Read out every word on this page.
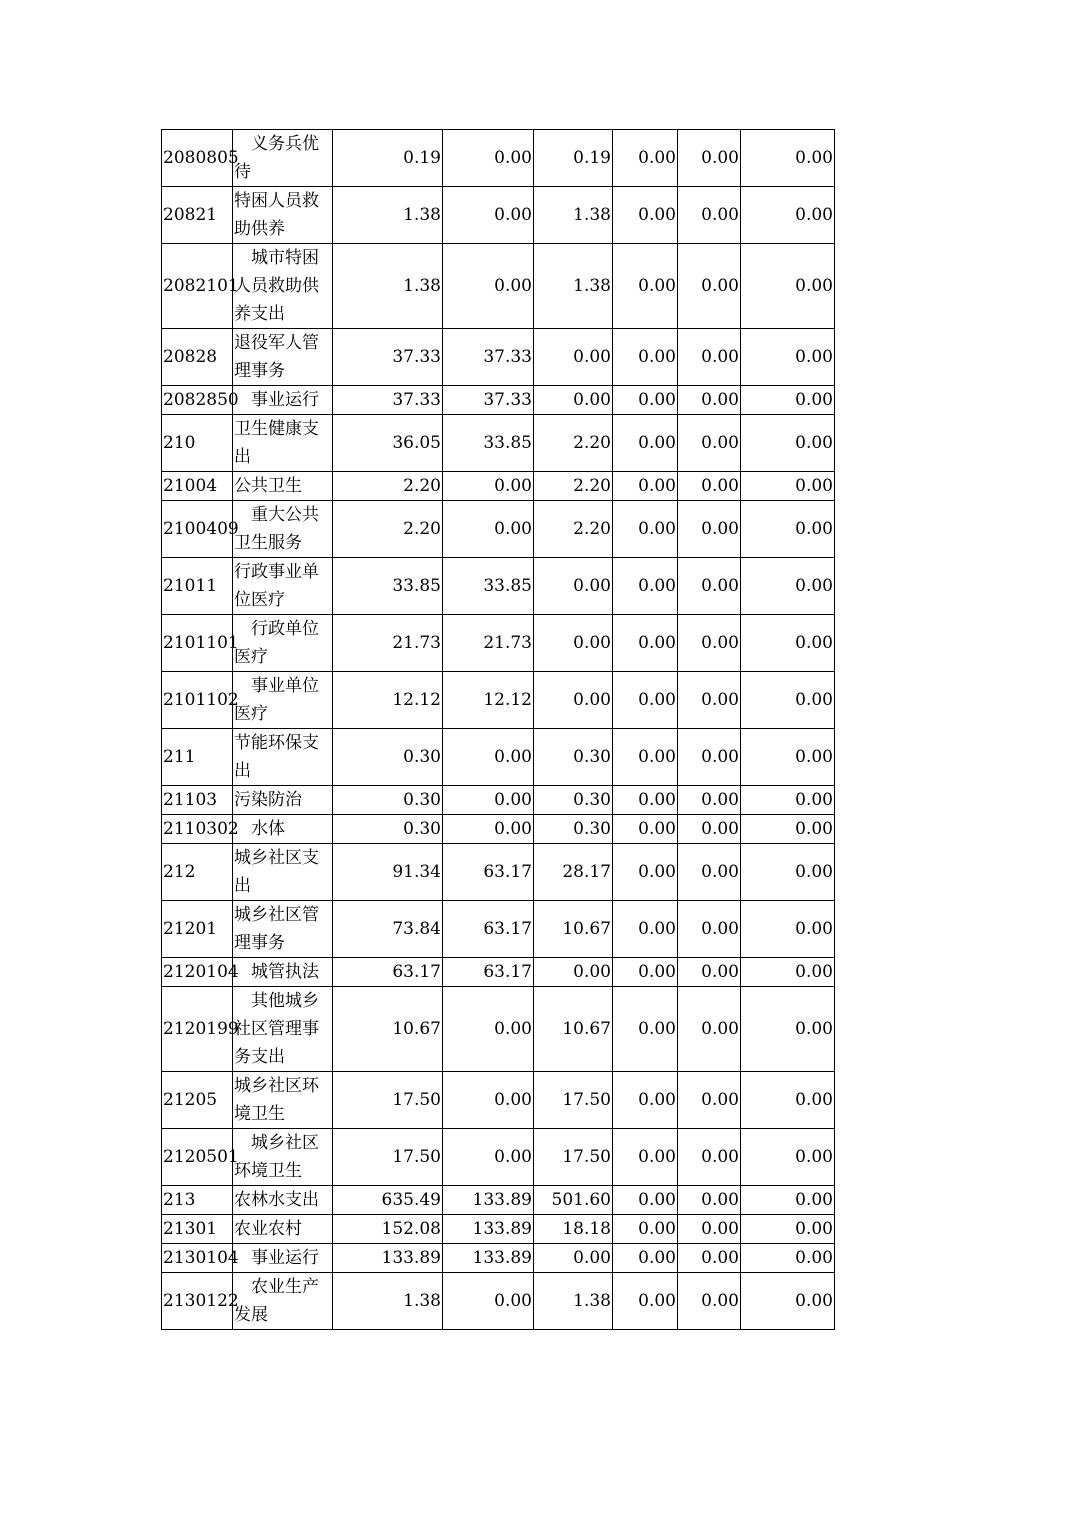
2080805	义务兵优待	0.19	0.00	0.19	0.00	0.00	0.00
20821	特困人员救助供养	1.38	0.00	1.38	0.00	0.00	0.00
2082101	城市特困人员救助供养支出	1.38	0.00	1.38	0.00	0.00	0.00
20828	退役军人管理事务	37.33	37.33	0.00	0.00	0.00	0.00
2082850	事业运行	37.33	37.33	0.00	0.00	0.00	0.00
210	卫生健康支出	36.05	33.85	2.20	0.00	0.00	0.00
21004	公共卫生	2.20	0.00	2.20	0.00	0.00	0.00
2100409	重大公共卫生服务	2.20	0.00	2.20	0.00	0.00	0.00
21011	行政事业单位医疗	33.85	33.85	0.00	0.00	0.00	0.00
2101101	行政单位医疗	21.73	21.73	0.00	0.00	0.00	0.00
2101102	事业单位医疗	12.12	12.12	0.00	0.00	0.00	0.00
211	节能环保支出	0.30	0.00	0.30	0.00	0.00	0.00
21103	污染防治	0.30	0.00	0.30	0.00	0.00	0.00
2110302	水体	0.30	0.00	0.30	0.00	0.00	0.00
212	城乡社区支出	91.34	63.17	28.17	0.00	0.00	0.00
21201	城乡社区管理事务	73.84	63.17	10.67	0.00	0.00	0.00
2120104	城管执法	63.17	63.17	0.00	0.00	0.00	0.00
2120199	其他城乡社区管理事务支出	10.67	0.00	10.67	0.00	0.00	0.00
21205	城乡社区环境卫生	17.50	0.00	17.50	0.00	0.00	0.00
2120501	城乡社区环境卫生	17.50	0.00	17.50	0.00	0.00	0.00
213	农林水支出	635.49	133.89	501.60	0.00	0.00	0.00
21301	农业农村	152.08	133.89	18.18	0.00	0.00	0.00
2130104	事业运行	133.89	133.89	0.00	0.00	0.00	0.00
2130122	农业生产发展	1.38	0.00	1.38	0.00	0.00	0.00
